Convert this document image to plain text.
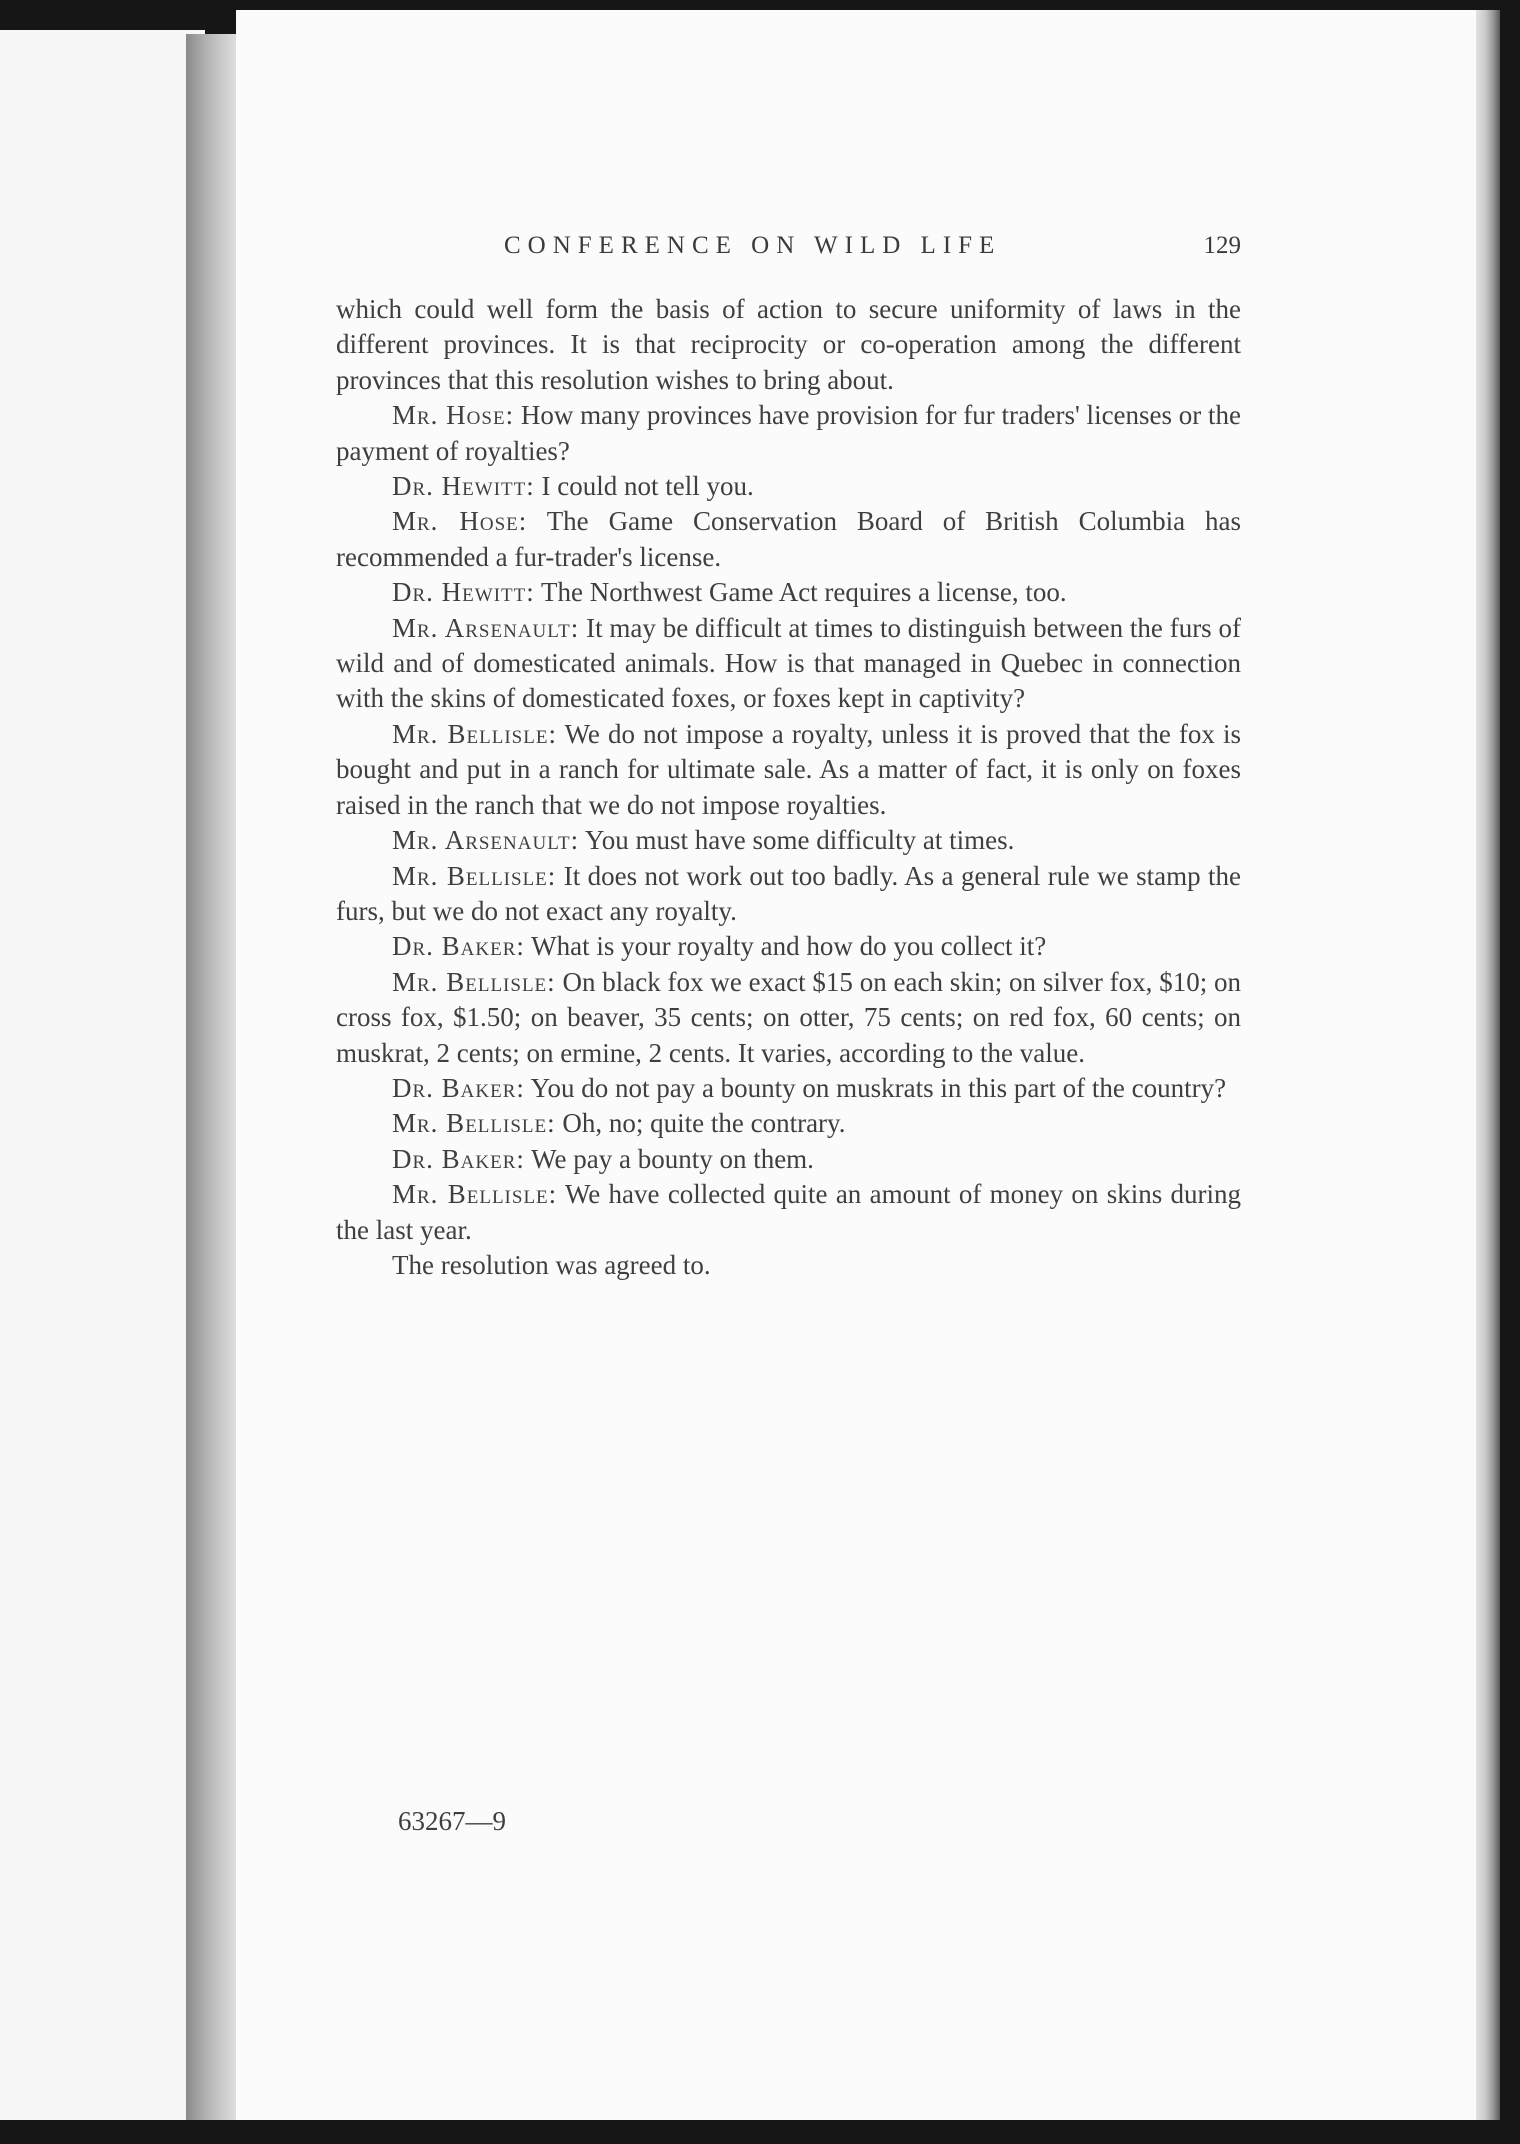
CONFERENCE ON WILD LIFE	129

which could well form the basis of action to secure uniformity of laws in the different provinces. It is that reciprocity or co-operation among the different provinces that this resolution wishes to bring about.

Mr. Hose: How many provinces have provision for fur traders' licenses or the payment of royalties?

Dr. Hewitt: I could not tell you.

Mr. Hose: The Game Conservation Board of British Columbia has recommended a fur-trader's license.

Dr. Hewitt: The Northwest Game Act requires a license, too.

Mr. Arsenault: It may be difficult at times to distinguish between the furs of wild and of domesticated animals. How is that managed in Quebec in connection with the skins of domesticated foxes, or foxes kept in captivity?

Mr. Bellisle: We do not impose a royalty, unless it is proved that the fox is bought and put in a ranch for ultimate sale. As a matter of fact, it is only on foxes raised in the ranch that we do not impose royalties.

Mr. Arsenault: You must have some difficulty at times.

Mr. Bellisle: It does not work out too badly. As a general rule we stamp the furs, but we do not exact any royalty.

Dr. Baker: What is your royalty and how do you collect it?

Mr. Bellisle: On black fox we exact $15 on each skin; on silver fox, $10; on cross fox, $1.50; on beaver, 35 cents; on otter, 75 cents; on red fox, 60 cents; on muskrat, 2 cents; on ermine, 2 cents. It varies, according to the value.

Dr. Baker: You do not pay a bounty on muskrats in this part of the country?

Mr. Bellisle: Oh, no; quite the contrary.

Dr. Baker: We pay a bounty on them.

Mr. Bellisle: We have collected quite an amount of money on skins during the last year.

The resolution was agreed to.

63267—9
